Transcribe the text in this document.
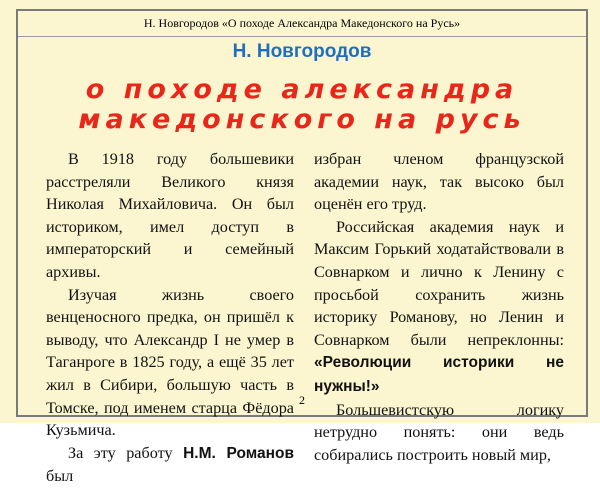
Н. Новгородов «О походе Александра Македонского на Русь»
Н. Новгородов
о походе александра
македонского на русь

В 1918 году большевики расстреляли Великого князя Николая Михайловича. Он был историком, имел доступ в императорский и семейный архивы.

Изучая жизнь своего венценосного предка, он пришёл к выводу, что Александр I не умер в Таганроге в 1825 году, а ещё 35 лет жил в Сибири, большую часть в Томске, под именем старца Фёдора Кузьмича.

За эту работу Н.М. Романов был

избран членом французской академии наук, так высоко был оценён его труд.

Российская академия наук и Максим Горький ходатайствовали в Совнарком и лично к Ленину с просьбой сохранить жизнь историку Романову, но Ленин и Совнарком были непреклонны: «Революции историки не нужны!»

Большевистскую логику нетрудно понять: они ведь собирались построить новый мир,

2
